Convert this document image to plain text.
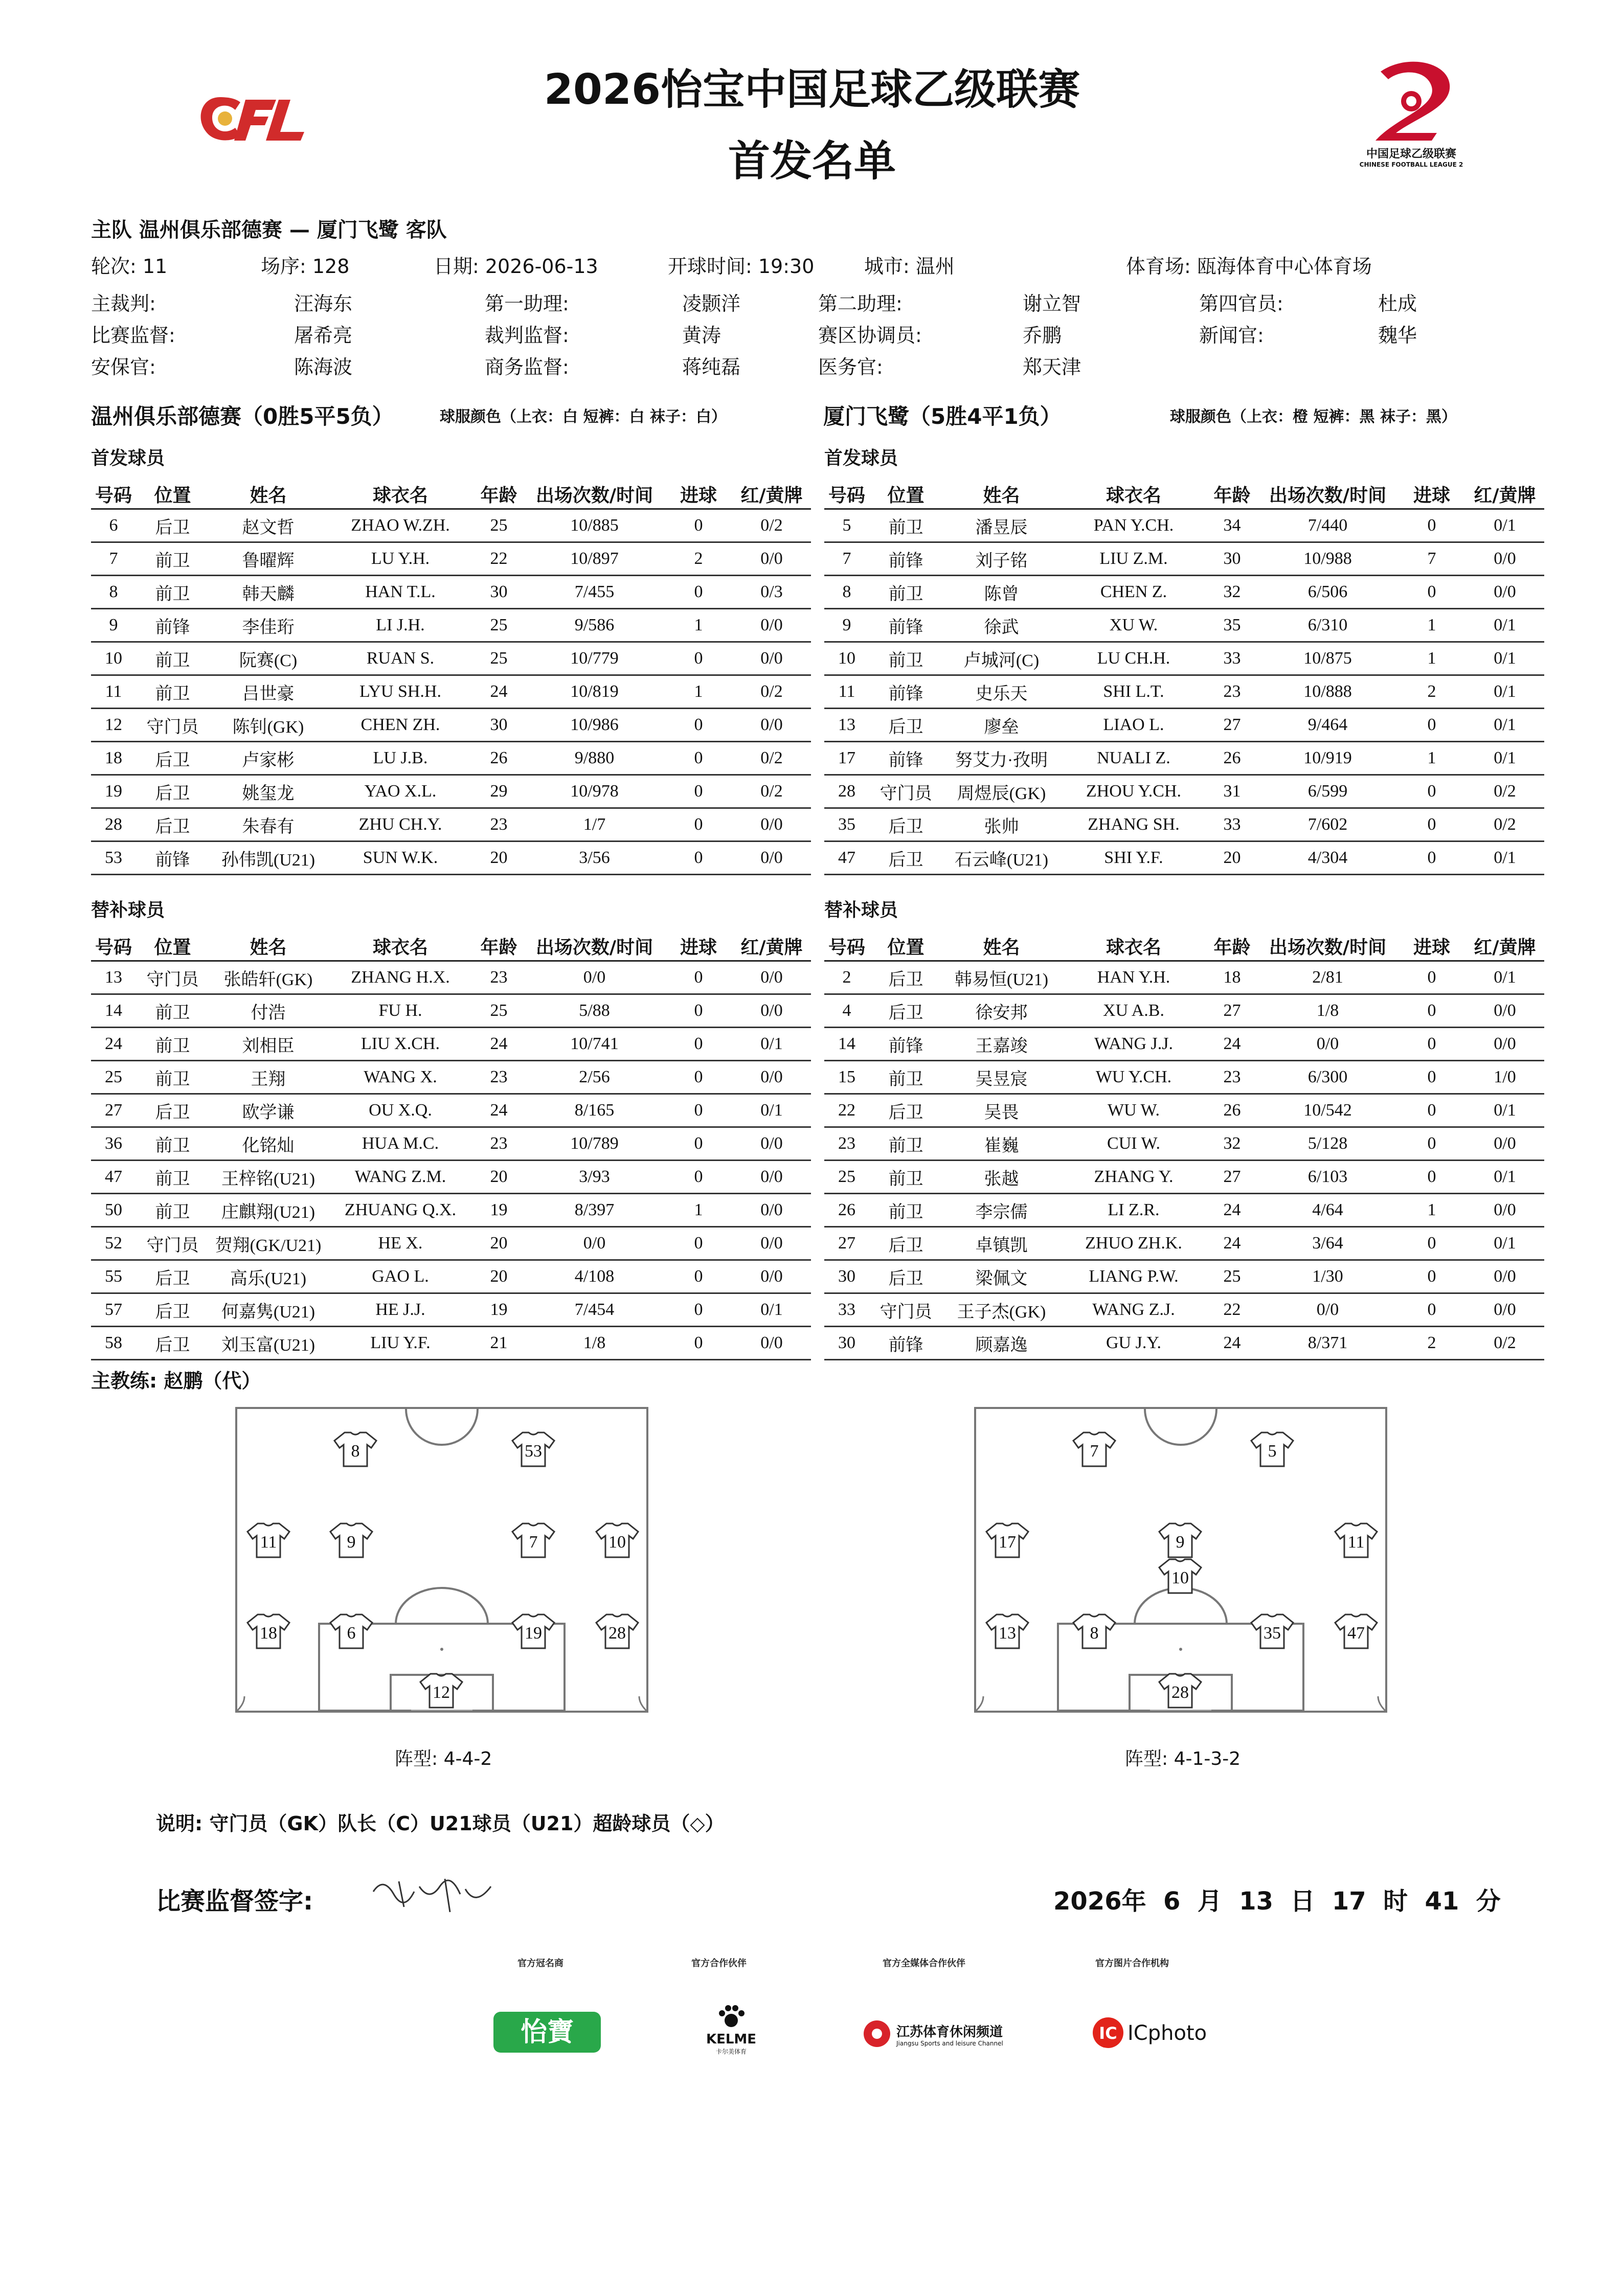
2026怡宝中国足球乙级联赛
首发名单	中国足球乙级联赛
CHINESE FOOTBALL LEAGUE 2
主队 温州俱乐部德赛 — 厦门飞鹭 客队
轮次: 11	场序: 128	日期: 2026-06-13	开球时间: 19:30	城市: 温州	体育场: 瓯海体育中心体育场
主裁判:	汪海东	第一助理:	凌颢洋	第二助理:	谢立智	第四官员:	杜成
比赛监督:	屠希亮	裁判监督:	黄涛	赛区协调员:	乔鹏	新闻官:	魏华
安保官:	陈海波	商务监督:	蒋纯磊	医务官:	郑天津
温州俱乐部德赛（0胜5平5负）	球服颜色（上衣：白 短裤：白 袜子：白）	厦门飞鹭（5胜4平1负）	球服颜色（上衣：橙 短裤：黑 袜子：黑）
首发球员	首发球员
替补球员	替补球员
号码	位置	姓名	球衣名	年龄	出场次数/时间	进球	红/黄牌
6	后卫	赵文哲	ZHAO W.ZH.	25	10/885	0	0/2
7	前卫	鲁曜辉	LU Y.H.	22	10/897	2	0/0
8	前卫	韩天麟	HAN T.L.	30	7/455	0	0/3
9	前锋	李佳珩	LI J.H.	25	9/586	1	0/0
10	前卫	阮赛(C)	RUAN S.	25	10/779	0	0/0
11	前卫	吕世豪	LYU SH.H.	24	10/819	1	0/2
12	守门员	陈钊(GK)	CHEN ZH.	30	10/986	0	0/0
18	后卫	卢家彬	LU J.B.	26	9/880	0	0/2
19	后卫	姚玺龙	YAO X.L.	29	10/978	0	0/2
28	后卫	朱春有	ZHU CH.Y.	23	1/7	0	0/0
53	前锋	孙伟凯(U21)	SUN W.K.	20	3/56	0	0/0
号码	位置	姓名	球衣名	年龄	出场次数/时间	进球	红/黄牌
5	前卫	潘昱辰	PAN Y.CH.	34	7/440	0	0/1
7	前锋	刘子铭	LIU Z.M.	30	10/988	7	0/0
8	前卫	陈曾	CHEN Z.	32	6/506	0	0/0
9	前锋	徐武	XU W.	35	6/310	1	0/1
10	前卫	卢城河(C)	LU CH.H.	33	10/875	1	0/1
11	前锋	史乐天	SHI L.T.	23	10/888	2	0/1
13	后卫	廖垒	LIAO L.	27	9/464	0	0/1
17	前锋	努艾力·孜明	NUALI Z.	26	10/919	1	0/1
28	守门员	周煜辰(GK)	ZHOU Y.CH.	31	6/599	0	0/2
35	后卫	张帅	ZHANG SH.	33	7/602	0	0/2
47	后卫	石云峰(U21)	SHI Y.F.	20	4/304	0	0/1
号码	位置	姓名	球衣名	年龄	出场次数/时间	进球	红/黄牌
13	守门员	张皓轩(GK)	ZHANG H.X.	23	0/0	0	0/0
14	前卫	付浩	FU H.	25	5/88	0	0/0
24	前卫	刘相臣	LIU X.CH.	24	10/741	0	0/1
25	前卫	王翔	WANG X.	23	2/56	0	0/0
27	后卫	欧学谦	OU X.Q.	24	8/165	0	0/1
36	前卫	化铭灿	HUA M.C.	23	10/789	0	0/0
47	前卫	王梓铭(U21)	WANG Z.M.	20	3/93	0	0/0
50	前卫	庄麒翔(U21)	ZHUANG Q.X.	19	8/397	1	0/0
52	守门员	贺翔(GK/U21)	HE X.	20	0/0	0	0/0
55	后卫	高乐(U21)	GAO L.	20	4/108	0	0/0
57	后卫	何嘉隽(U21)	HE J.J.	19	7/454	0	0/1
58	后卫	刘玉富(U21)	LIU Y.F.	21	1/8	0	0/0
号码	位置	姓名	球衣名	年龄	出场次数/时间	进球	红/黄牌
2	后卫	韩易恒(U21)	HAN Y.H.	18	2/81	0	0/1
4	后卫	徐安邦	XU A.B.	27	1/8	0	0/0
14	前锋	王嘉竣	WANG J.J.	24	0/0	0	0/0
15	前卫	吴昱宸	WU Y.CH.	23	6/300	0	1/0
22	后卫	吴畏	WU W.	26	10/542	0	0/1
23	前卫	崔巍	CUI W.	32	5/128	0	0/0
25	前卫	张越	ZHANG Y.	27	6/103	0	0/1
26	前卫	李宗儒	LI Z.R.	24	4/64	1	0/0
27	后卫	卓镇凯	ZHUO ZH.K.	24	3/64	0	0/1
30	后卫	梁佩文	LIANG P.W.	25	1/30	0	0/0
33	守门员	王子杰(GK)	WANG Z.J.	22	0/0	0	0/0
30	前锋	顾嘉逸	GU J.Y.	24	8/371	2	0/2
主教练: 赵鹏（代）
8	53
11	9	7	10
18	6	19	28
12
7	5
17	9	11
10
13	8	35	47
28
阵型: 4-4-2	阵型: 4-1-3-2
说明: 守门员（GK）队长（C）U21球员（U21）超龄球员（◇）
比赛监督签字:	2026年  6  月  13  日  17  时  41  分
官方冠名商	官方合作伙伴	官方全媒体合作伙伴	官方图片合作机构
怡寶	KELME
卡尔美体育
江苏体育休闲频道
Jiangsu Sports and leisure Channel
IC ICphoto
